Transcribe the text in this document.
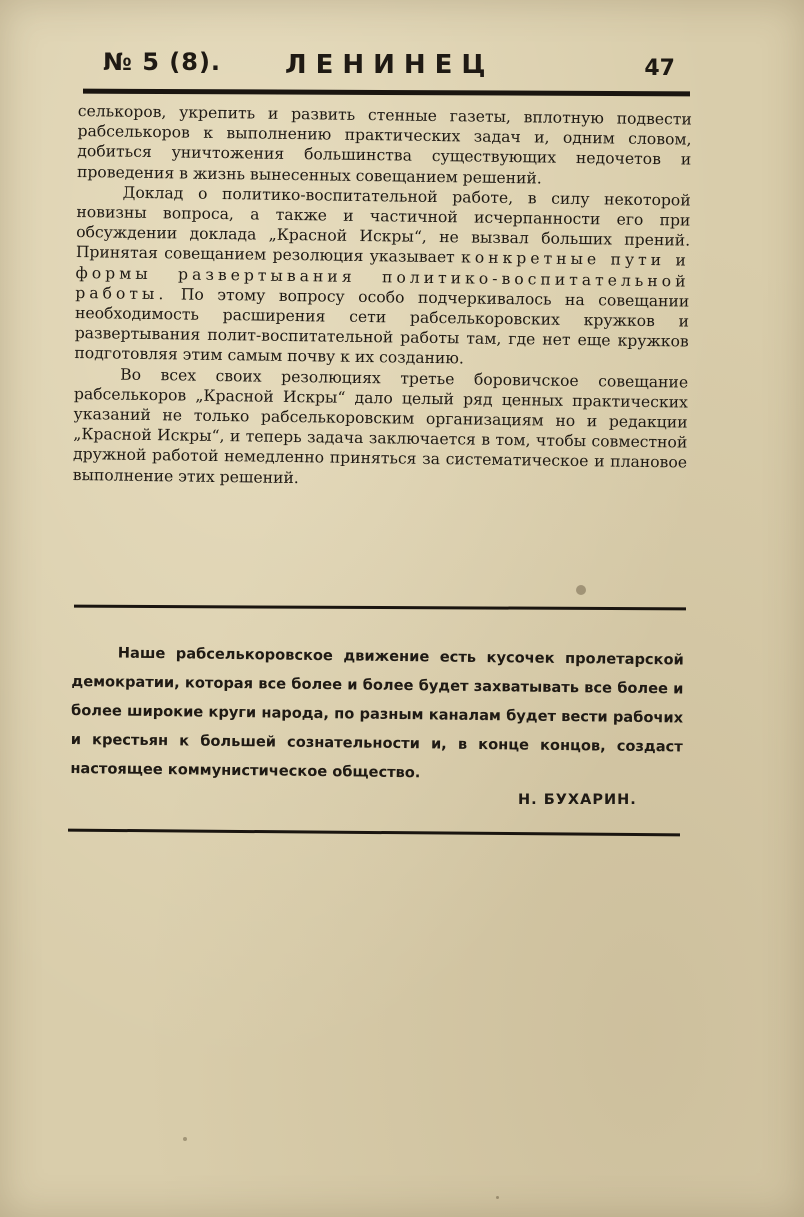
№ 5 (8). ЛЕНИНЕЦ	47

селькоров, укрепить и развить стенные газеты, вплотную подвести рабселькоров к выполнению практических задач и, одним словом, добиться уничтожения большинства существующих недочетов и проведения в жизнь вынесенных совещанием решений.

Доклад о политико-воспитательной работе, в силу некоторой новизны вопроса, а также и частичной исчерпанности его при обсуждении доклада „Красной Искры“, не вызвал больших прений. Принятая совещанием резолюция указывает конкретные пути и формы развертывания политико-воспитательной работы. По этому вопросу особо подчеркивалось на совещании необходимость расширения сети рабселькоровских кружков и развертывания полит-воспитательной работы там, где нет еще кружков подготовляя этим самым почву к их созданию.

Во всех своих резолюциях третье боровичское совещание рабселькоров „Красной Искры“ дало целый ряд ценных практических указаний не только рабселькоровским организациям но и редакции „Красной Искры“, и теперь задача заключается в том, чтобы совместной дружной работой немедленно приняться за систематическое и плановое выполнение этих решений.

Наше рабселькоровское движение есть кусочек пролетарской демократии, которая все более и более будет захватывать все более и более широкие круги народа, по разным каналам будет вести рабочих и крестьян к большей сознательности и, в конце концов, создаст настоящее коммунистическое общество.

Н. БУХАРИН.
